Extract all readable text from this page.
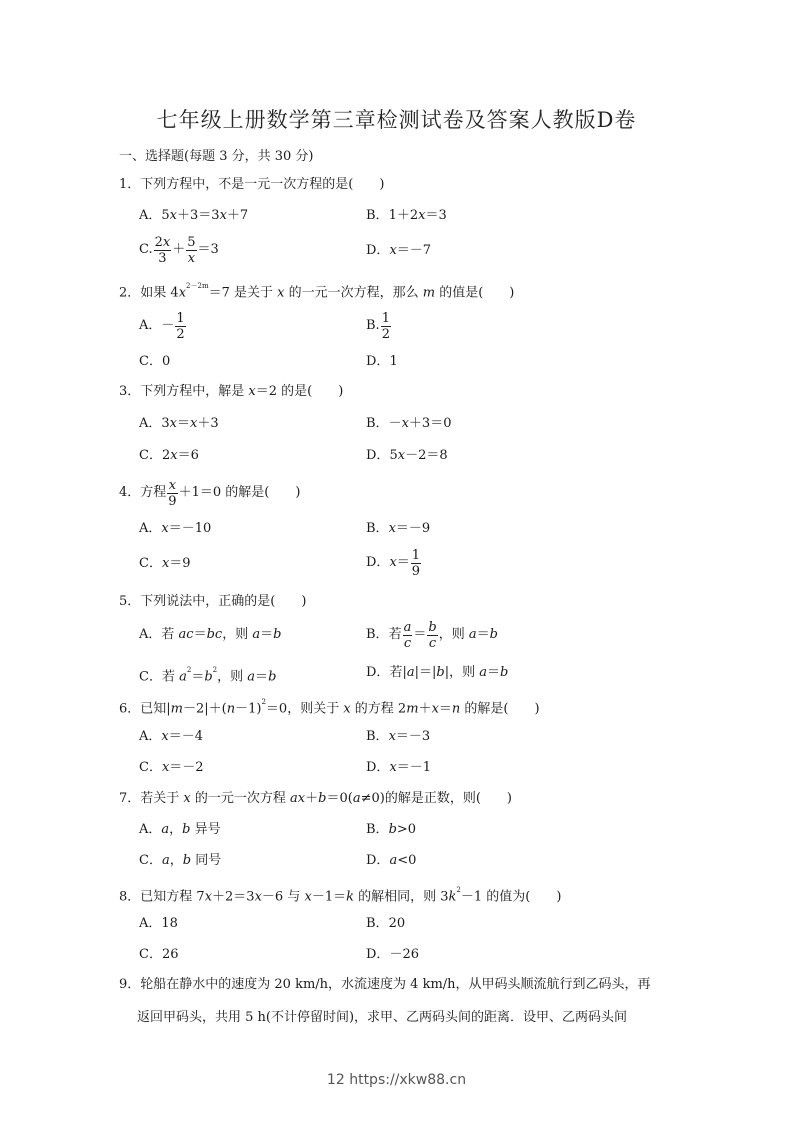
七年级上册数学第三章检测试卷及答案人教版D卷
一、选择题(每题 3 分，共 30 分)
1．下列方程中，不是一元一次方程的是(　　)
A．5x＋3＝3x＋7	B．1＋2x＝3
C. $\frac{2x}{3} + \frac{5}{x} =3$	D．x＝－7
2．如果 $4x^{2-2m}=7$ 是关于 x 的一元一次方程，那么 m 的值是(　　)
A．－ $\frac{1}{2}$	B. $\frac{1}{2}$
C．0	D．1
3．下列方程中，解是 x＝2 的是(　　)
A．3x＝x＋3	B．－x＋3＝0
C．2x＝6	D．5x－2＝8
4．方程 $\frac{x}{9} +1=0$ 的解是(　　)
A．x＝－10	B．x＝－9
C．x＝9	D．$x= \frac{1}{9}$
5．下列说法中，正确的是(　　)
A．若 ac＝bc，则 a＝b	B．若 $\frac{a}{c} = \frac{b}{c}$ ，则 a＝b
C．若 $a^2=b^2$，则 a＝b	D．若|a|＝|b|，则 a＝b
6．已知$|m-2|+(n-1)^2=0$，则关于 x 的方程 2m＋x＝n 的解是(　　)
A．x＝－4	B．x＝－3
C．x＝－2	D．x＝－1
7．若关于 x 的一元一次方程 ax＋b＝0(a≠0)的解是正数，则(　　)
A．a，b 异号	B．b>0
C．a，b 同号	D．a<0
8．已知方程 7x＋2＝3x－6 与 x－1＝k 的解相同，则 $3k^2-1$ 的值为(　　)
A．18	B．20
C．26	D．－26
9．轮船在静水中的速度为 20 km/h，水流速度为 4 km/h，从甲码头顺流航行到乙码头，再
返回甲码头，共用 5 h(不计停留时间)，求甲、乙两码头间的距离．设甲、乙两码头间
12 https://xkw88.cn
